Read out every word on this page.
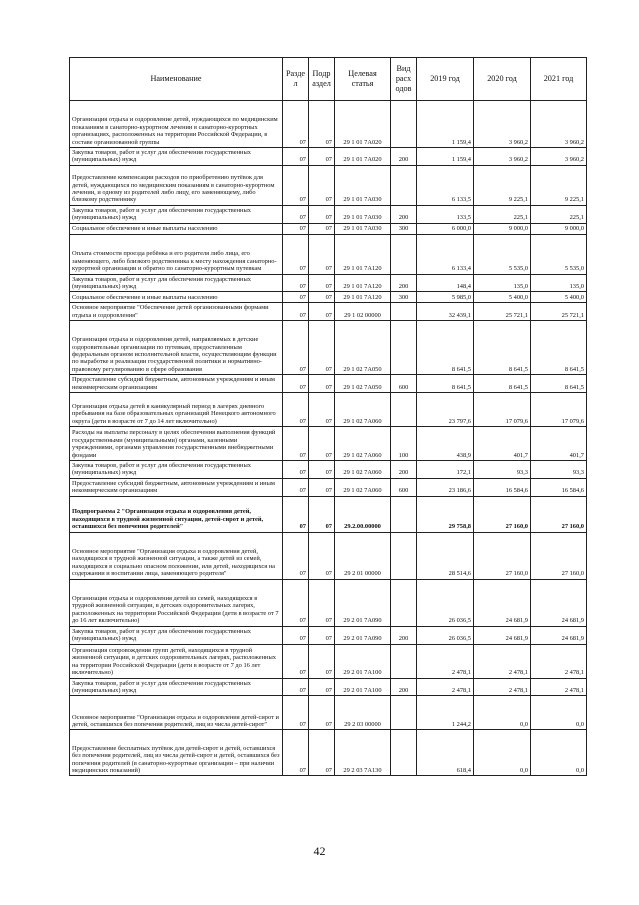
Наименование	Разде л	Подр аздел	Целевая статья	Вид расх одов	2019 год	2020 год	2021 год
Организация отдыха и оздоровление детей, нуждающихся по медицинским показаниям в санаторно-курортном лечении в санаторно-курортных организациях, расположенных на территории Российской Федерации, в составе организованной группы	07	07	29 1 01 7А020		1 159,4	3 960,2	3 960,2
Закупка товаров, работ и услуг для обеспечения государственных (муниципальных) нужд	07	07	29 1 01 7А020	200	1 159,4	3 960,2	3 960,2
Предоставление компенсации расходов по приобретению путёвок для детей, нуждающихся по медицинским показаниям в санаторно-курортном лечении, и одному из родителей либо лицу, его заменяющему, либо близкому родственнику	07	07	29 1 01 7А030		6 133,5	9 225,1	9 225,1
Закупка товаров, работ и услуг для обеспечения государственных (муниципальных) нужд	07	07	29 1 01 7А030	200	133,5	225,1	225,1
Социальное обеспечение и иные выплаты населению	07	07	29 1 01 7А030	300	6 000,0	9 000,0	9 000,0
Оплата стоимости проезда ребёнка и его родителя либо лица, его заменяющего, либо близкого родственника к месту нахождения санаторно-курортной организации и обратно по санаторно-курортным путевкам	07	07	29 1 01 7А120		6 133,4	5 535,0	5 535,0
Закупка товаров, работ и услуг для обеспечения государственных (муниципальных) нужд	07	07	29 1 01 7А120	200	148,4	135,0	135,0
Социальное обеспечение и иные выплаты населению	07	07	29 1 01 7А120	300	5 985,0	5 400,0	5 400,0
Основное мероприятие "Обеспечение детей организованными формами отдыха и оздоровления"	07	07	29 1 02 00000		32 439,1	25 721,1	25 721,1
Организация отдыха и оздоровления детей, направляемых в детские оздоровительные организации по путевкам, предоставленным федеральным органом исполнительной власти, осуществляющим функции по выработке и реализации государственной политики и нормативно-правовому регулированию в сфере образования	07	07	29 1 02 7А050		8 641,5	8 641,5	8 641,5
Предоставление субсидий бюджетным, автономным учреждениям и иным некоммерческим организациям	07	07	29 1 02 7А050	600	8 641,5	8 641,5	8 641,5
Организация отдыха детей в каникулярный период в лагерях дневного пребывания на базе образовательных организаций Ненецкого автономного округа (дети в возрасте от 7 до 14 лет включительно)	07	07	29 1 02 7А060		23 797,6	17 079,6	17 079,6
Расходы на выплаты персоналу в целях обеспечения выполнения функций государственными (муниципальными) органами, казенными учреждениями, органами управления государственными внебюджетными фондами	07	07	29 1 02 7А060	100	438,9	401,7	401,7
Закупка товаров, работ и услуг для обеспечения государственных (муниципальных) нужд	07	07	29 1 02 7А060	200	172,1	93,3	93,3
Предоставление субсидий бюджетным, автономным учреждениям и иным некоммерческим организациям	07	07	29 1 02 7А060	600	23 186,6	16 584,6	16 584,6
Подпрограмма 2 "Организация отдыха и оздоровления детей, находящихся в трудной жизненной ситуации, детей-сирот и детей, оставшихся без попечения родителей"	07	07	29.2.00.00000		29 758,8	27 160,0	27 160,0
Основное мероприятие "Организация отдыха и оздоровления детей, находящихся в трудной жизненной ситуации, а также детей из семей, находящихся в социально опасном положении, или детей, находящихся на содержании и воспитании лица, заменяющего родителя"	07	07	29 2 01 00000		28 514,6	27 160,0	27 160,0
Организация отдыха и оздоровления детей из семей, находящихся в трудной жизненной ситуации, в детских оздоровительных лагерях, расположенных на территории Российской Федерации (дети в возрасте от 7 до 16 лет включительно)	07	07	29 2 01 7А090		26 036,5	24 681,9	24 681,9
Закупка товаров, работ и услуг для обеспечения государственных (муниципальных) нужд	07	07	29 2 01 7А090	200	26 036,5	24 681,9	24 681,9
Организация сопровождения групп детей, находящихся в трудной жизненной ситуации, в детских оздоровительных лагерях, расположенных на территории Российской Федерации (дети в возрасте от 7 до 16 лет включительно)	07	07	29 2 01 7А100		2 478,1	2 478,1	2 478,1
Закупка товаров, работ и услуг для обеспечения государственных (муниципальных) нужд	07	07	29 2 01 7А100	200	2 478,1	2 478,1	2 478,1
Основное мероприятие "Организация отдыха и оздоровления детей-сирот и детей, оставшихся без попечения родителей, лиц из числа детей-сирот"	07	07	29 2 03 00000		1 244,2	0,0	0,0
Предоставление бесплатных путёвок для детей-сирот и детей, оставшихся без попечения родителей, лиц из числа детей-сирот и детей, оставшихся без попечения родителей (в санаторно-курортные организации – при наличии медицинских показаний)	07	07	29 2 03 7А130		618,4	0,0	0,0
42
